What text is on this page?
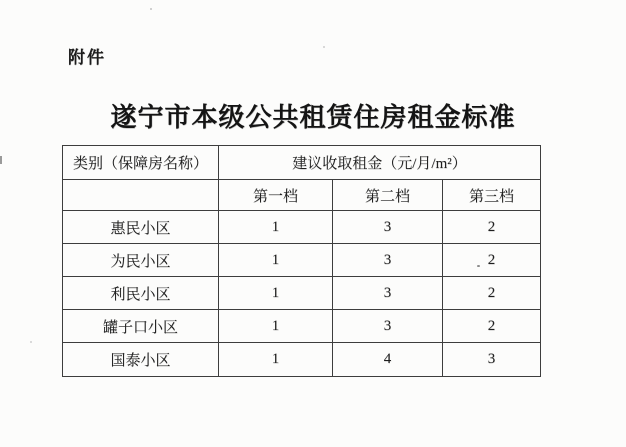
附件
遂宁市本级公共租赁住房租金标准
类别（保障房名称）	建议收取租金（元/月/m²）		
	第一档	第二档	第三档
惠民小区	1	3	2
为民小区	1	3	2
利民小区	1	3	2
罐子口小区	1	3	2
国泰小区	1	4	3
